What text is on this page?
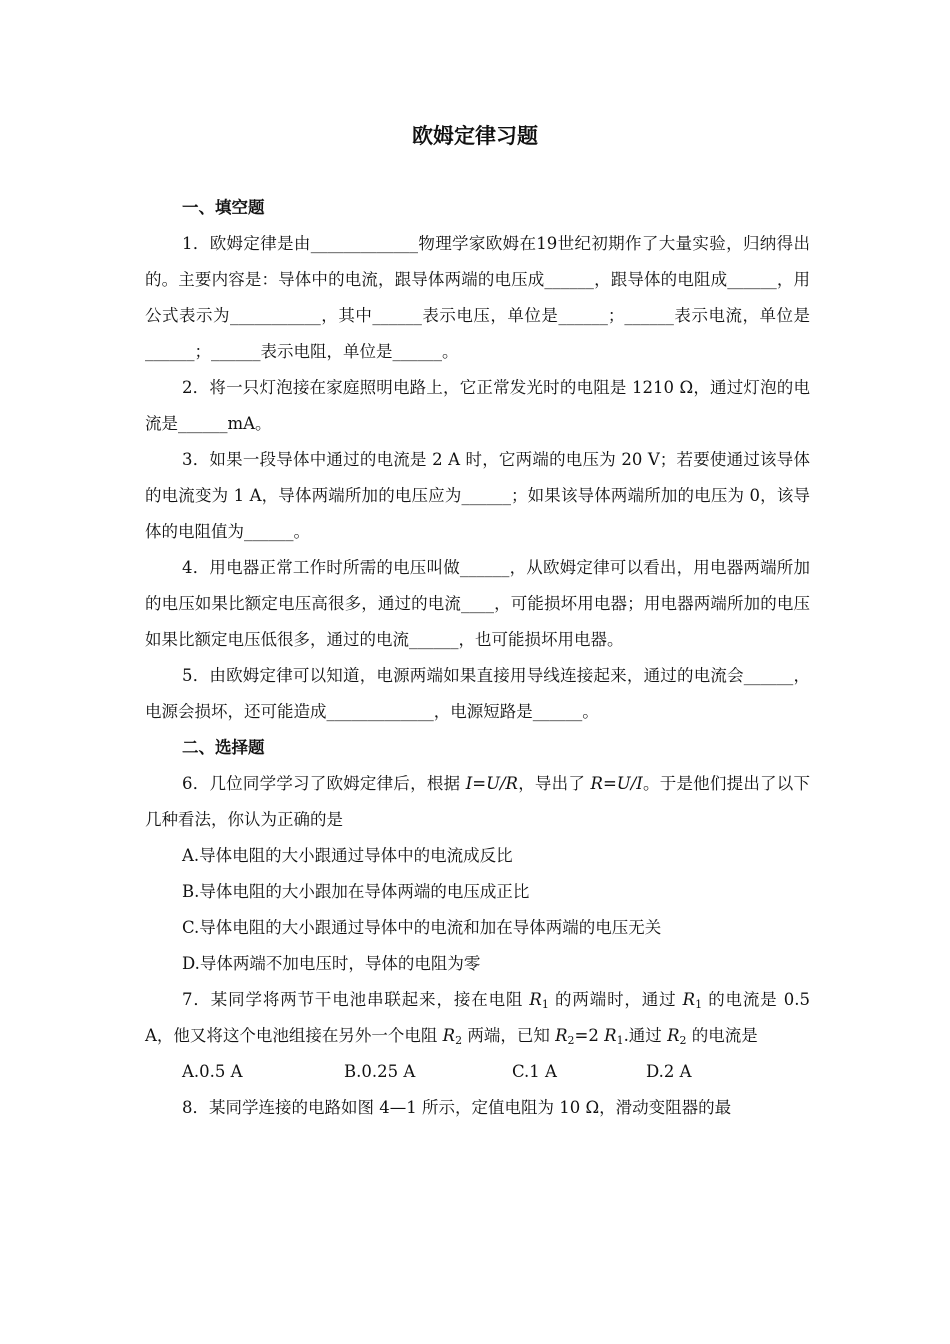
欧姆定律习题
一、填空题
1．欧姆定律是由_____________物理学家欧姆在19世纪初期作了大量实验，归纳得出的。主要内容是：导体中的电流，跟导体两端的电压成______，跟导体的电阻成______，用公式表示为___________，其中______表示电压，单位是______；______表示电流，单位是______；______表示电阻，单位是______。
2．将一只灯泡接在家庭照明电路上，它正常发光时的电阻是 1210 Ω，通过灯泡的电流是______mA。
3．如果一段导体中通过的电流是 2 A 时，它两端的电压为 20 V；若要使通过该导体的电流变为 1 A，导体两端所加的电压应为______；如果该导体两端所加的电压为 0，该导体的电阻值为______。
4．用电器正常工作时所需的电压叫做______，从欧姆定律可以看出，用电器两端所加的电压如果比额定电压高很多，通过的电流____，可能损坏用电器；用电器两端所加的电压如果比额定电压低很多，通过的电流______，也可能损坏用电器。
5．由欧姆定律可以知道，电源两端如果直接用导线连接起来，通过的电流会______，电源会损坏，还可能造成_____________，电源短路是______。
二、选择题
6．几位同学学习了欧姆定律后，根据 I=U/R，导出了 R=U/I。于是他们提出了以下几种看法，你认为正确的是
A.导体电阻的大小跟通过导体中的电流成反比
B.导体电阻的大小跟加在导体两端的电压成正比
C.导体电阻的大小跟通过导体中的电流和加在导体两端的电压无关
D.导体两端不加电压时，导体的电阻为零
7．某同学将两节干电池串联起来，接在电阻 $R_1$ 的两端时，通过 $R_1$ 的电流是 0.5 A，他又将这个电池组接在另外一个电阻 $R_2$ 两端，已知 $R_2=2$ $R_1$.通过 $R_2$ 的电流是
A.0.5 A	B.0.25 A	C.1 A	D.2 A
8．某同学连接的电路如图 4—1 所示，定值电阻为 10 Ω，滑动变阻器的最
